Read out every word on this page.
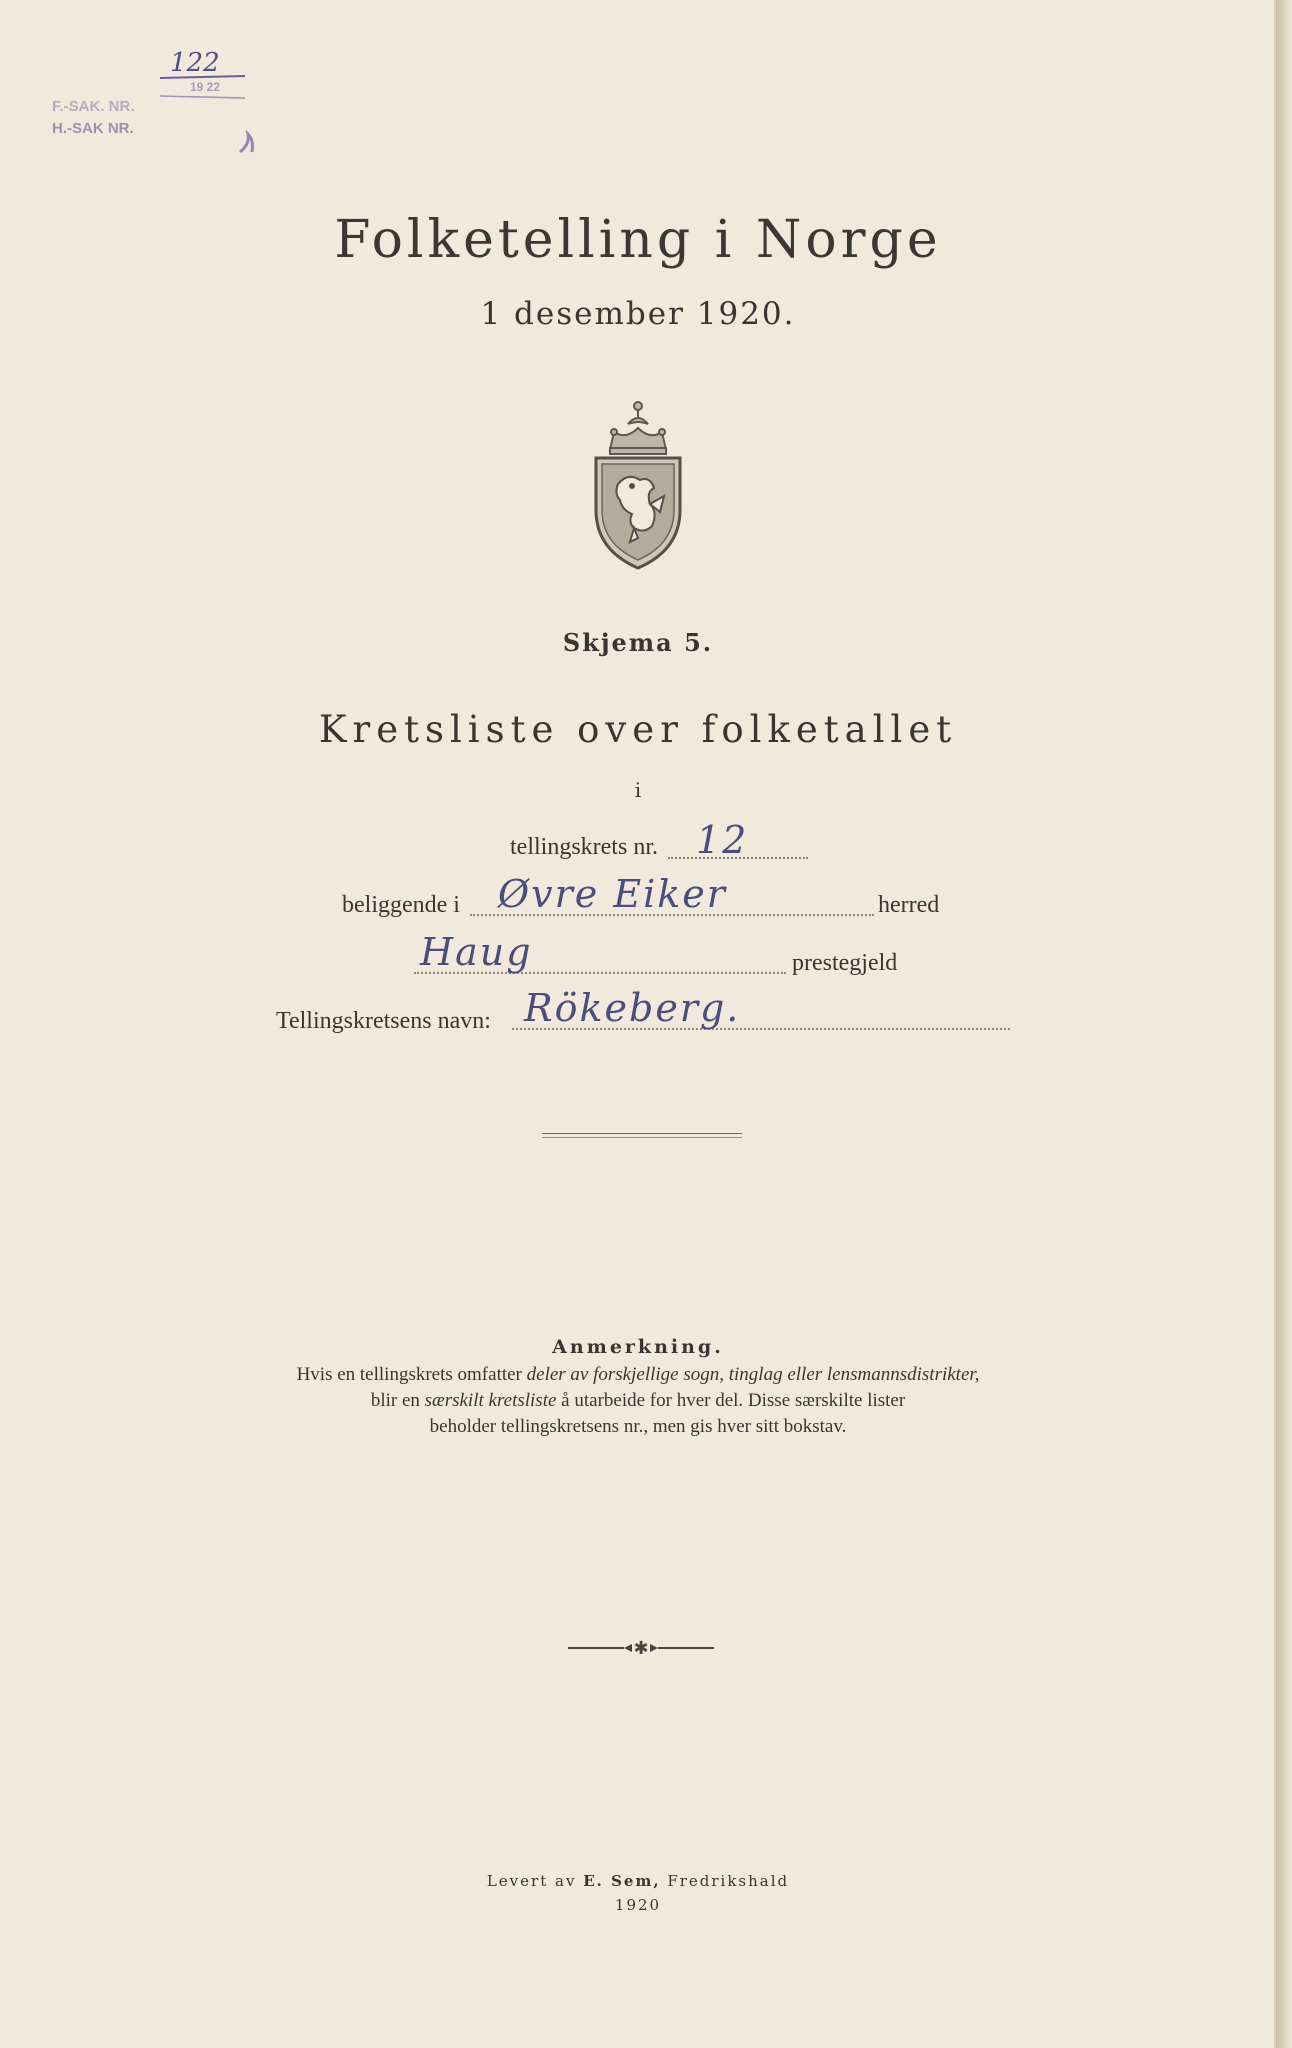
122
19 22
F.-SAK. NR.
H.-SAK NR.
Folketelling i Norge
1 desember 1920.
Skjema 5.
Kretsliste over folketallet
i
tellingskrets nr. 12
beliggende i Øvre Eiker	herred
Haug	prestegjeld
Tellingskretsens navn: Rökeberg.
Anmerkning.
Hvis en tellingskrets omfatter deler av forskjellige sogn, tinglag eller lensmannsdistrikter,
blir en særskilt kretsliste å utarbeide for hver del. Disse særskilte lister
beholder tellingskretsens nr., men gis hver sitt bokstav.
✱
Levert av E. Sem, Fredrikshald
1920
